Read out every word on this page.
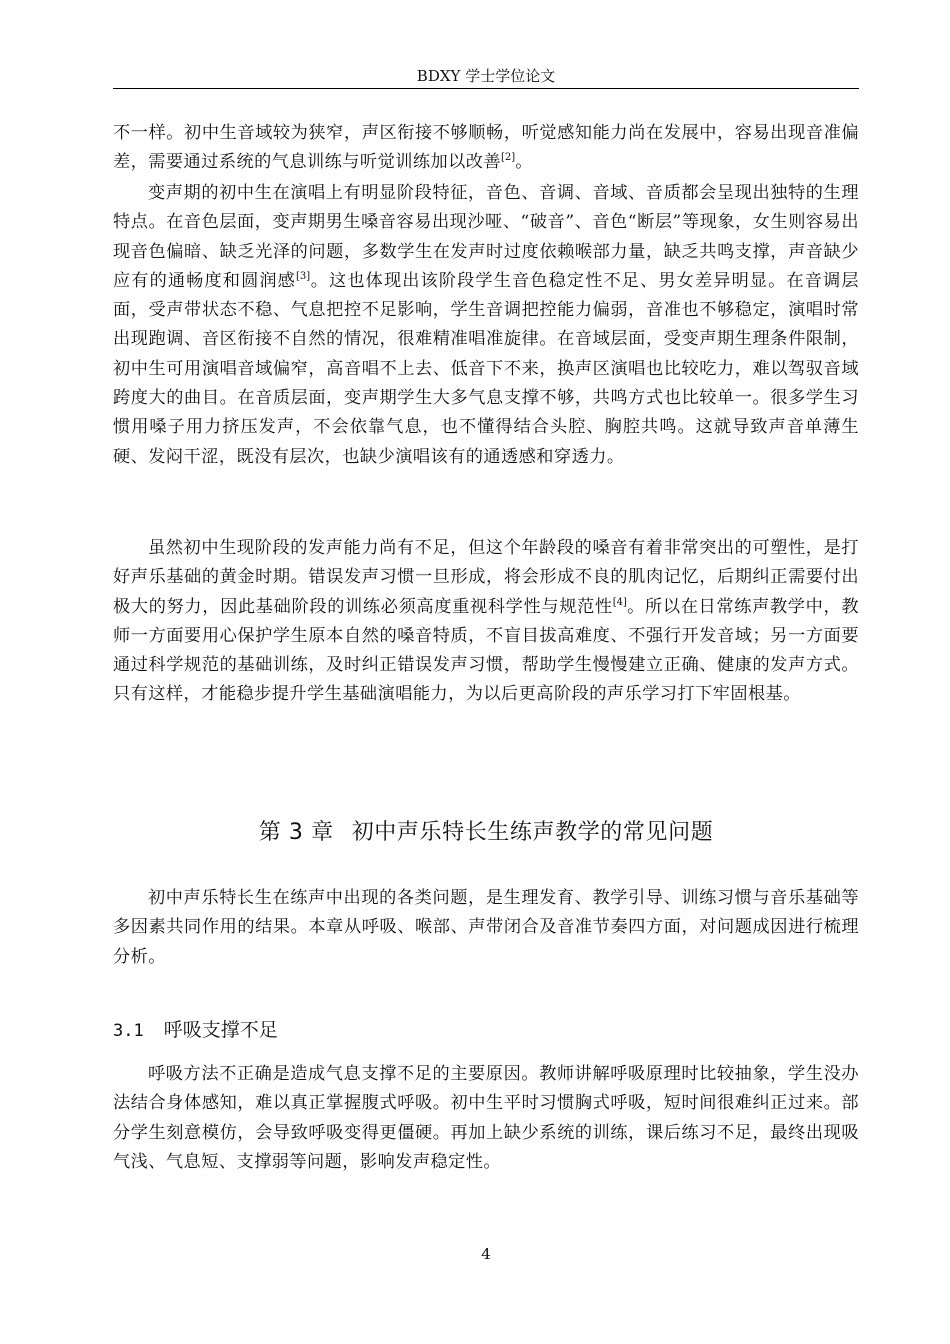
BDXY 学士学位论文

不一样。初中生音域较为狭窄，声区衔接不够顺畅，听觉感知能力尚在发展中，容易出现音准偏差，需要通过系统的气息训练与听觉训练加以改善[2]。

变声期的初中生在演唱上有明显阶段特征，音色、音调、音域、音质都会呈现出独特的生理特点。在音色层面，变声期男生嗓音容易出现沙哑、“破音”、音色“断层”等现象，女生则容易出现音色偏暗、缺乏光泽的问题，多数学生在发声时过度依赖喉部力量，缺乏共鸣支撑，声音缺少应有的通畅度和圆润感[3]。这也体现出该阶段学生音色稳定性不足、男女差异明显。在音调层面，受声带状态不稳、气息把控不足影响，学生音调把控能力偏弱，音准也不够稳定，演唱时常出现跑调、音区衔接不自然的情况，很难精准唱准旋律。在音域层面，受变声期生理条件限制，初中生可用演唱音域偏窄，高音唱不上去、低音下不来，换声区演唱也比较吃力，难以驾驭音域跨度大的曲目。在音质层面，变声期学生大多气息支撑不够，共鸣方式也比较单一。很多学生习惯用嗓子用力挤压发声，不会依靠气息，也不懂得结合头腔、胸腔共鸣。这就导致声音单薄生硬、发闷干涩，既没有层次，也缺少演唱该有的通透感和穿透力。

虽然初中生现阶段的发声能力尚有不足，但这个年龄段的嗓音有着非常突出的可塑性，是打好声乐基础的黄金时期。错误发声习惯一旦形成，将会形成不良的肌肉记忆，后期纠正需要付出极大的努力，因此基础阶段的训练必须高度重视科学性与规范性[4]。所以在日常练声教学中，教师一方面要用心保护学生原本自然的嗓音特质，不盲目拔高难度、不强行开发音域；另一方面要通过科学规范的基础训练，及时纠正错误发声习惯，帮助学生慢慢建立正确、健康的发声方式。只有这样，才能稳步提升学生基础演唱能力，为以后更高阶段的声乐学习打下牢固根基。

第 3 章 初中声乐特长生练声教学的常见问题

初中声乐特长生在练声中出现的各类问题，是生理发育、教学引导、训练习惯与音乐基础等多因素共同作用的结果。本章从呼吸、喉部、声带闭合及音准节奏四方面，对问题成因进行梳理分析。

3.1 呼吸支撑不足

呼吸方法不正确是造成气息支撑不足的主要原因。教师讲解呼吸原理时比较抽象，学生没办法结合身体感知，难以真正掌握腹式呼吸。初中生平时习惯胸式呼吸，短时间很难纠正过来。部分学生刻意模仿，会导致呼吸变得更僵硬。再加上缺少系统的训练，课后练习不足，最终出现吸气浅、气息短、支撑弱等问题，影响发声稳定性。

4
